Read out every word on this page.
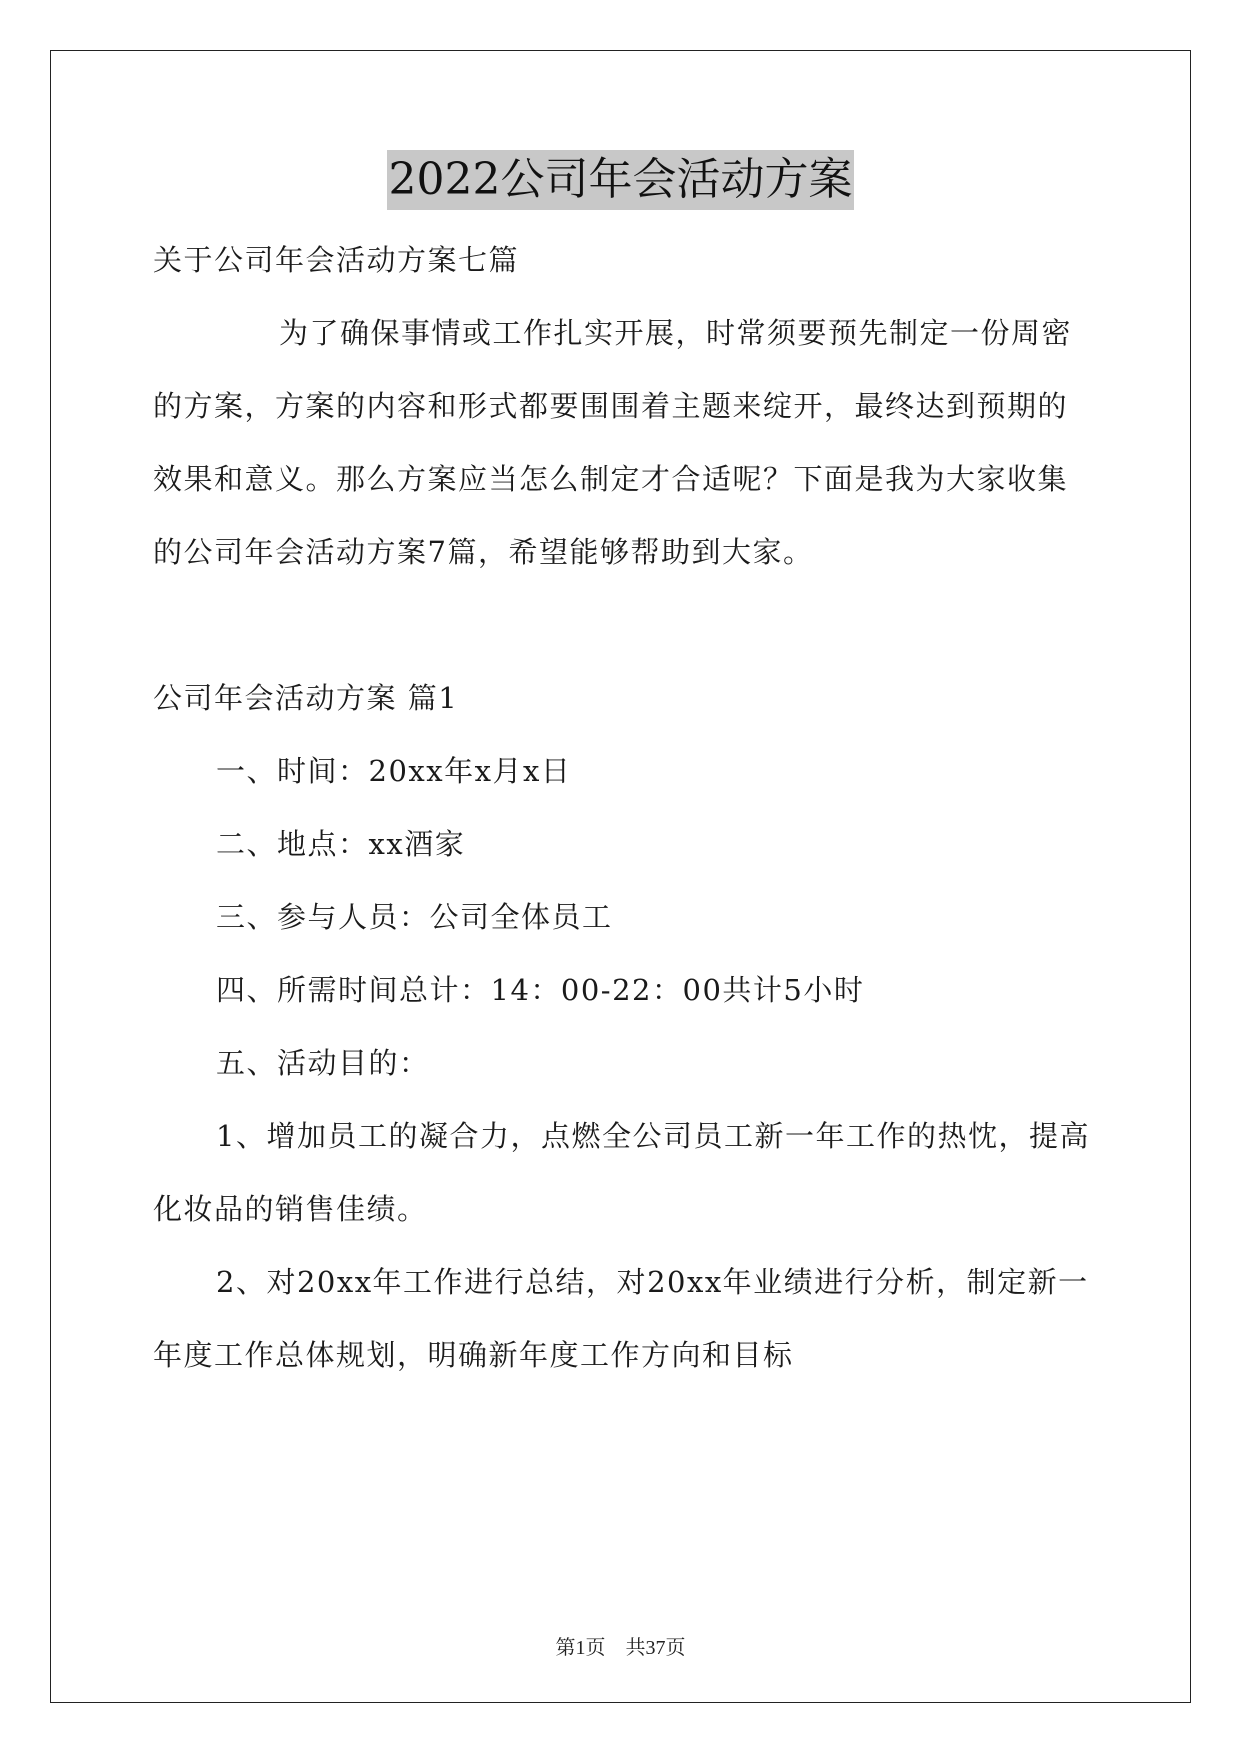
2022公司年会活动方案
关于公司年会活动方案七篇
为了确保事情或工作扎实开展，时常须要预先制定一份周密
的方案，方案的内容和形式都要围围着主题来绽开，最终达到预期的
效果和意义。那么方案应当怎么制定才合适呢？下面是我为大家收集
的公司年会活动方案7篇，希望能够帮助到大家。
公司年会活动方案 篇1
一、时间：20xx年x月x日
二、地点：xx酒家
三、参与人员：公司全体员工
四、所需时间总计：14：00-22：00共计5小时
五、活动目的：
1、增加员工的凝合力，点燃全公司员工新一年工作的热忱，提高
化妆品的销售佳绩。
2、对20xx年工作进行总结，对20xx年业绩进行分析，制定新一
年度工作总体规划，明确新年度工作方向和目标
第1页　共37页
